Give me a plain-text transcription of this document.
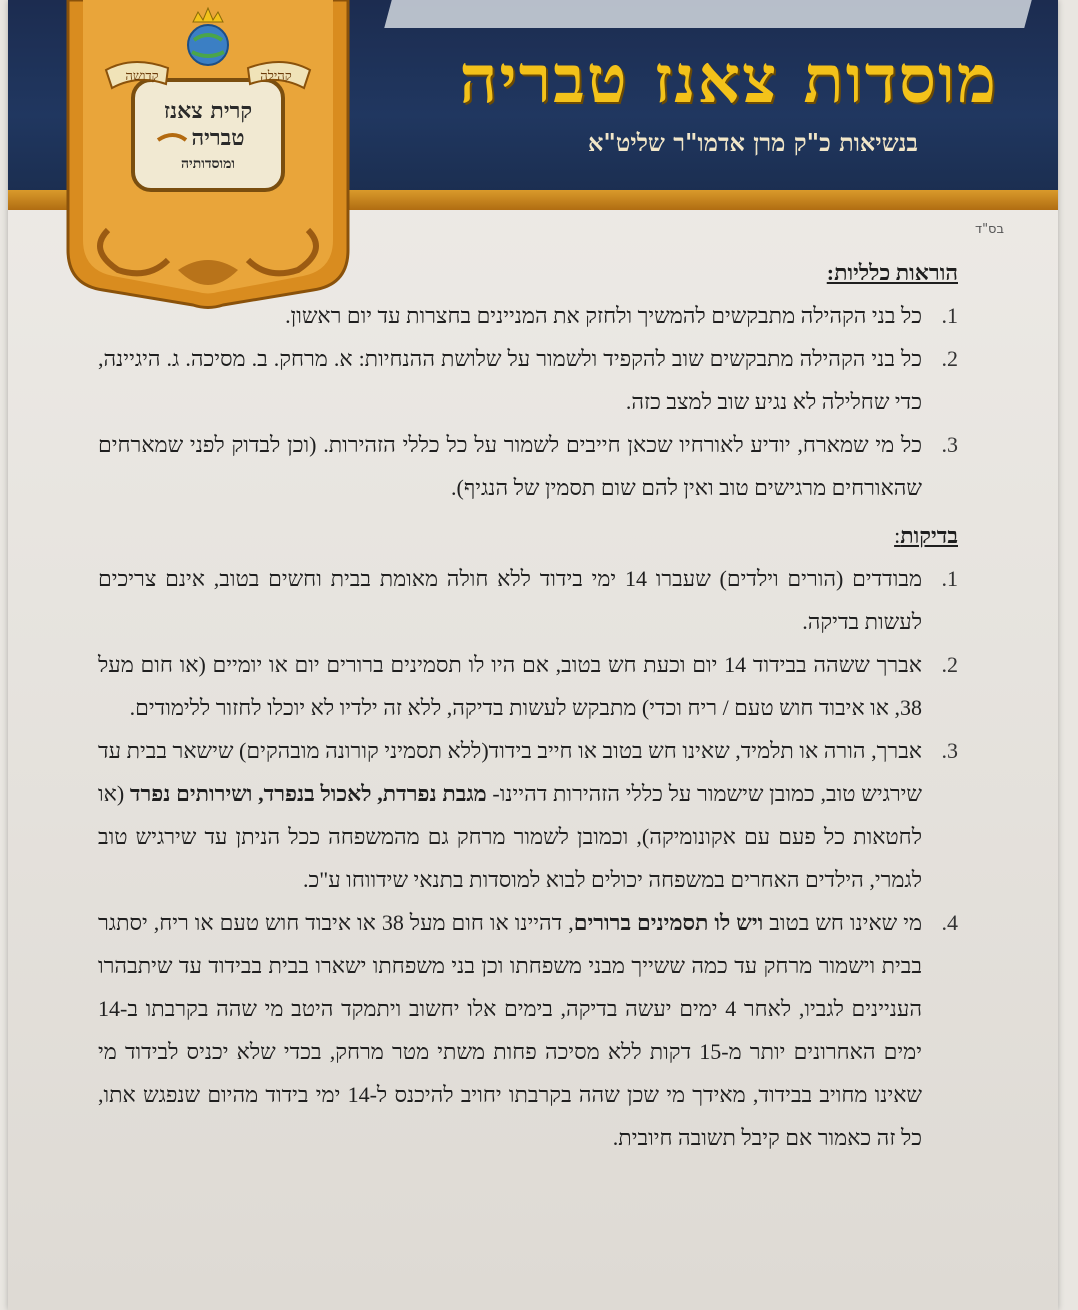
מוסדות צאנז טבריה
בנשיאות כ"ק מרן אדמו"ר שליט"א
קדושה	קהילה
קרית צאנז
טבריה
ומוסדותיה
בס"ד
הוראות כלליות:
1.
כל בני הקהילה מתבקשים להמשיך ולחזק את המניינים בחצרות עד יום ראשון.
2.
כל בני הקהילה מתבקשים שוב להקפיד ולשמור על שלושת ההנחיות: א. מרחק. ב. מסיכה. ג. היגיינה, כדי שחלילה לא נגיע שוב למצב כזה.
3.
כל מי שמארח, יודיע לאורחיו שכאן חייבים לשמור על כל כללי הזהירות. (וכן לבדוק לפני שמארחים שהאורחים מרגישים טוב ואין להם שום תסמין של הנגיף).
בדיקות:
1.
מבודדים (הורים וילדים) שעברו 14 ימי בידוד ללא חולה מאומת בבית וחשים בטוב, אינם צריכים לעשות בדיקה.
2.
אברך ששהה בבידוד 14 יום וכעת חש בטוב, אם היו לו תסמינים ברורים יום או יומיים (או חום מעל 38, או איבוד חוש טעם / ריח וכדי) מתבקש לעשות בדיקה, ללא זה ילדיו לא יוכלו לחזור ללימודים.
3.
אברך, הורה או תלמיד, שאינו חש בטוב או חייב בידוד(ללא תסמיני קורונה מובהקים) שישאר בבית עד שירגיש טוב, כמובן שישמור על כללי הזהירות דהיינו- מגבת נפרדת, לאכול בנפרד, ושירותים נפרד (או לחטאות כל פעם עם אקונומיקה), וכמובן לשמור מרחק גם מהמשפחה ככל הניתן עד שירגיש טוב לגמרי, הילדים האחרים במשפחה יכולים לבוא למוסדות בתנאי שידווחו ע"כ.
4.
מי שאינו חש בטוב ויש לו תסמינים ברורים, דהיינו או חום מעל 38 או איבוד חוש טעם או ריח, יסתגר בבית וישמור מרחק עד כמה ששייך מבני משפחתו וכן בני משפחתו ישארו בבית בבידוד עד שיתבהרו העניינים לגביו, לאחר 4 ימים יעשה בדיקה, בימים אלו יחשוב ויתמקד היטב מי שהה בקרבתו ב-14 ימים האחרונים יותר מ-15 דקות ללא מסיכה פחות משתי מטר מרחק, בכדי שלא יכניס לבידוד מי שאינו מחויב בבידוד, מאידך מי שכן שהה בקרבתו יחויב להיכנס ל-14 ימי בידוד מהיום שנפגש אתו, כל זה כאמור אם קיבל תשובה חיובית.
